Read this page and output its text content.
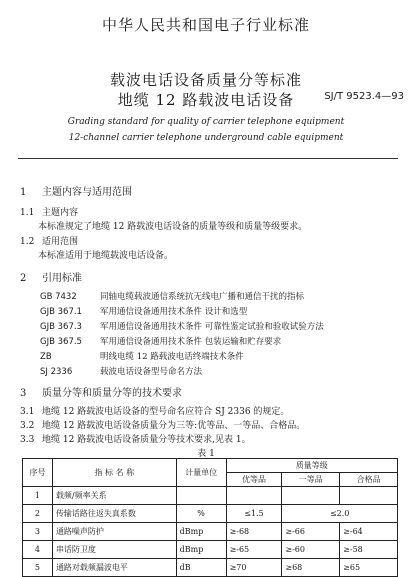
中华人民共和国电子行业标准
载波电话设备质量分等标准
地缆 12 路载波电话设备	SJ/T 9523.4—93
Grading standard for quality of carrier telephone equipment
12-channel carrier telephone underground cable equipment
1 主题内容与适用范围
1.1 主题内容
本标准规定了地缆 12 路载波电话设备的质量等级和质量等级要求。
1.2 适用范围
本标准适用于地缆载波电话设备。
2 引用标准
GB 7432	同轴电缆载波通信系统抗无线电广播和通信干扰的指标
GJB 367.1 军用通信设备通用技术条件 设计和选型
GJB 367.3 军用通信设备通用技术条件 可靠性鉴定试验和验收试验方法
GJB 367.5 军用通信设备通用技术条件 包装运输和贮存要求
ZB	明线电缆 12 路载波电话终端技术条件
SJ 2336	载波电话设备型号命名方法
3 质量分等和质量分等的技术要求
3.1 地缆 12 路载波电话设备的型号命名应符合 SJ 2336 的规定。
3.2 地缆 12 路载波电话设备质量分为三等:优等品、一等品、合格品。
3.3 地缆 12 路载波电话设备质量分等技术要求,见表 1。
表 1
序号	指 标 名 称	计量单位	质量等级		
			优等品	一等品	合格品
1	载频/频率关系				
2	传输话路往返失真系数	%	≤1.5	≤2.0	
3	通路噪声防护	dBmp	≥-68	≥-66	≥-64
4	串话防卫度	dBmp	≥-65	≥-60	≥-58
5	通路对载频漏波电平	dB	≥70	≥68	≥65
